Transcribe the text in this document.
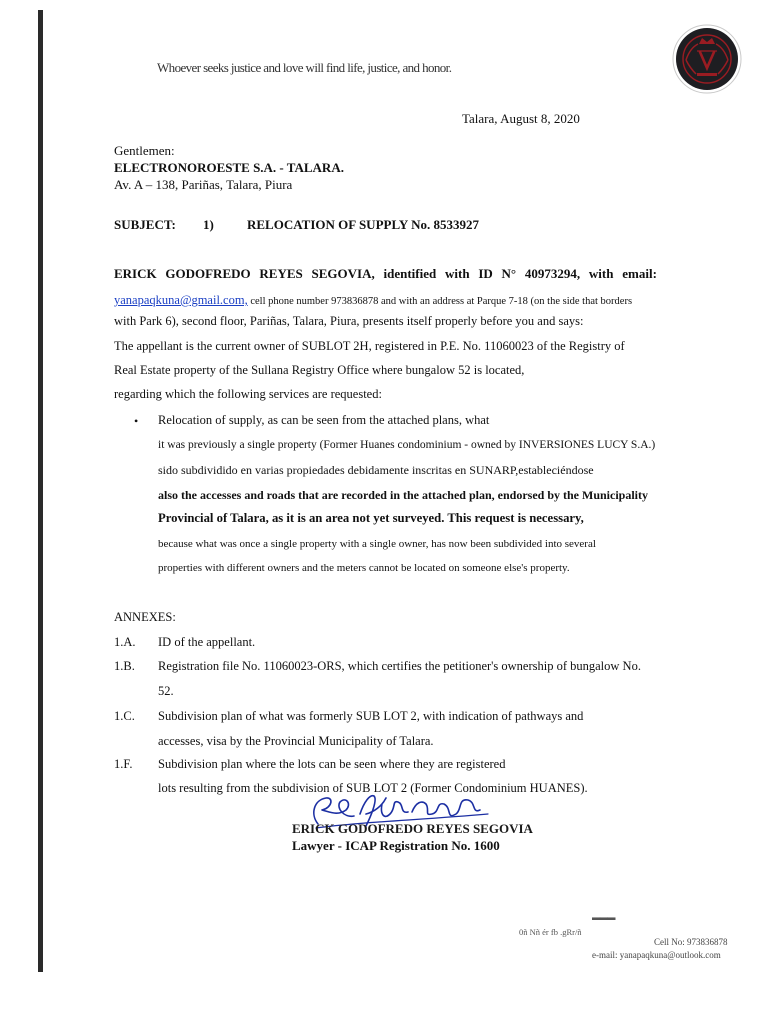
Whoever seeks justice and love will find life, justice, and honor.
Talara, August 8, 2020
Gentlemen:
ELECTRONOROESTE S.A. - TALARA.
Av. A – 138, Pariñas, Talara, Piura
SUBJECT: 1)	RELOCATION OF SUPPLY No. 8533927
ERICK GODOFREDO REYES SEGOVIA, identified with ID N° 40973294, with email:
yanapaqkuna@gmail.com, cell phone number 973836878 and with an address at Parque 7-18 (on the side that borders
with Park 6), second floor, Pariñas, Talara, Piura, presents itself properly before you and says:
The appellant is the current owner of SUBLOT 2H, registered in P.E. No. 11060023 of the Registry of
Real Estate property of the Sullana Registry Office where bungalow 52 is located,
regarding which the following services are requested:
• Relocation of supply, as can be seen from the attached plans, what
it was previously a single property (Former Huanes condominium - owned by INVERSIONES LUCY S.A.)
sido subdividido en varias propiedades debidamente inscritas en SUNARP,estableciéndose
also the accesses and roads that are recorded in the attached plan, endorsed by the Municipality
Provincial of Talara, as it is an area not yet surveyed. This request is necessary,
because what was once a single property with a single owner, has now been subdivided into several
properties with different owners and the meters cannot be located on someone else's property.
ANNEXES:
1.A. ID of the appellant.
1.B. Registration file No. 11060023-ORS, which certifies the petitioner's ownership of bungalow No.
52.
1.C. Subdivision plan of what was formerly SUB LOT 2, with indication of pathways and
accesses, visa by the Provincial Municipality of Talara.
1.F. Subdivision plan where the lots can be seen where they are registered
lots resulting from the subdivision of SUB LOT 2 (Former Condominium HUANES).
ERICK GODOFREDO REYES SEGOVIA
Lawyer - ICAP Registration No. 1600
▬▬▬
0ñ Nñ ér fb .gRr/ñ
Cell No: 973836878
e-mail: yanapaqkuna@outlook.com
